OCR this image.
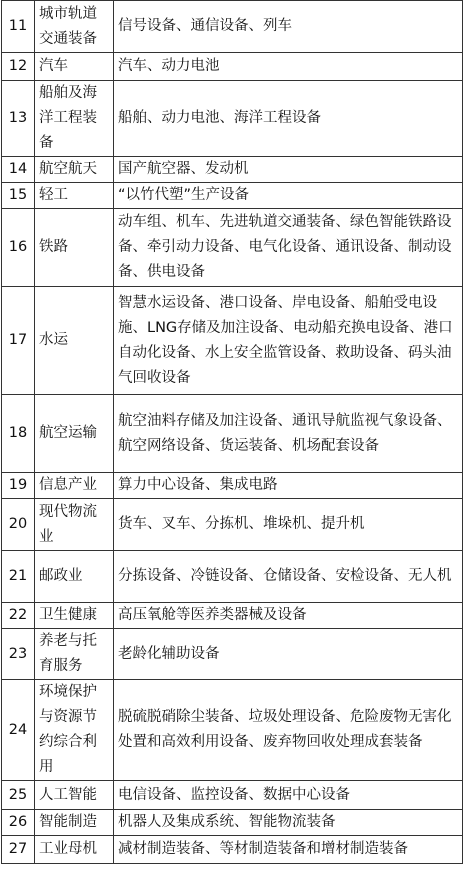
11	城市轨道交通装备	信号设备、通信设备、列车
12	汽车	汽车、动力电池
13	船舶及海洋工程装备	船舶、动力电池、海洋工程设备
14	航空航天	国产航空器、发动机
15	轻工	“以竹代塑”生产设备
16	铁路	动车组、机车、先进轨道交通装备、绿色智能铁路设备、牵引动力设备、电气化设备、通讯设备、制动设备、供电设备
17	水运	智慧水运设备、港口设备、岸电设备、船舶受电设施、LNG存储及加注设备、电动船充换电设备、港口自动化设备、水上安全监管设备、救助设备、码头油气回收设备
18	航空运输	航空油料存储及加注设备、通讯导航监视气象设备、航空网络设备、货运装备、机场配套设备
19	信息产业	算力中心设备、集成电路
20	现代物流业	货车、叉车、分拣机、堆垛机、提升机
21	邮政业	分拣设备、冷链设备、仓储设备、安检设备、无人机
22	卫生健康	高压氧舱等医养类器械及设备
23	养老与托育服务	老龄化辅助设备
24	环境保护与资源节约综合利用	脱硫脱硝除尘装备、垃圾处理设备、危险废物无害化处置和高效利用设备、废弃物回收处理成套装备
25	人工智能	电信设备、监控设备、数据中心设备
26	智能制造	机器人及集成系统、智能物流装备
27	工业母机	减材制造装备、等材制造装备和增材制造装备
